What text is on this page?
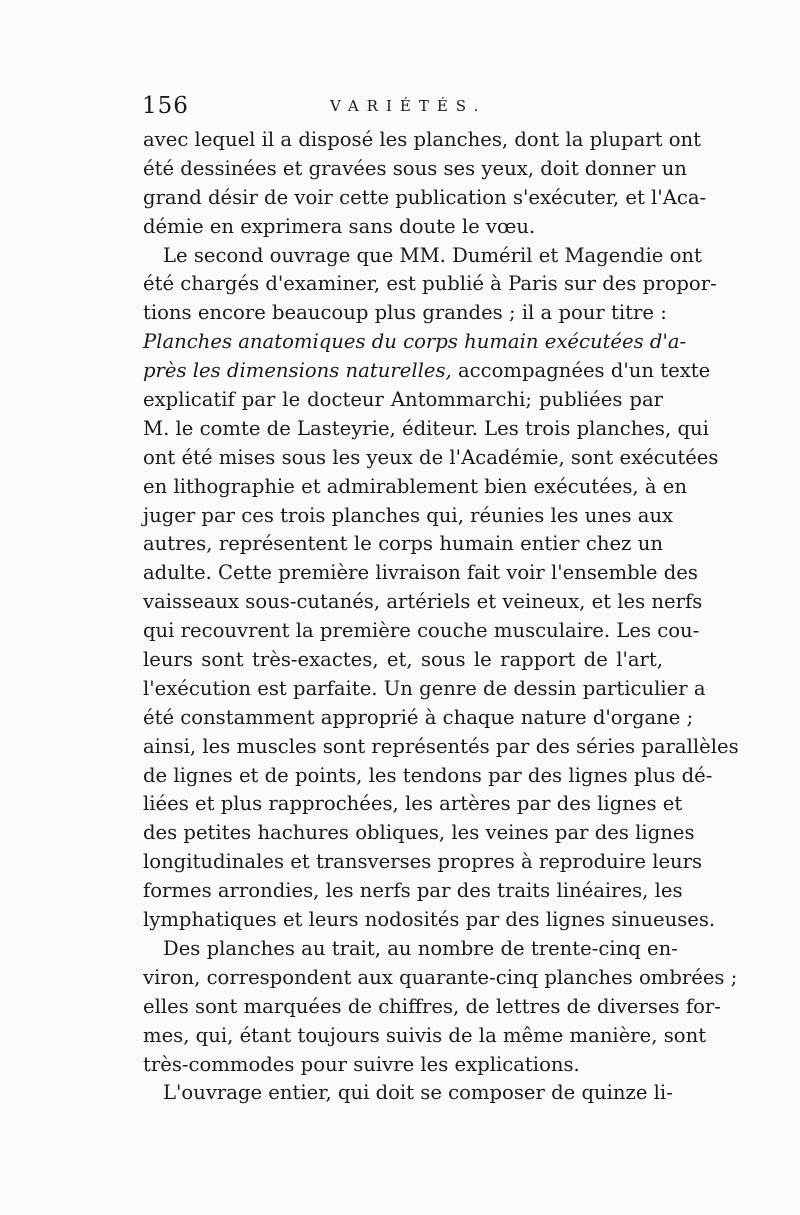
156	VARIÉTÉS.
avec lequel il a disposé les planches, dont la plupart ont
été dessinées et gravées sous ses yeux, doit donner un
grand désir de voir cette publication s'exécuter, et l'Aca-
démie en exprimera sans doute le vœu.
Le second ouvrage que MM. Duméril et Magendie ont
été chargés d'examiner, est publié à Paris sur des propor-
tions encore beaucoup plus grandes ; il a pour titre :
Planches anatomiques du corps humain exécutées d'a-
près les dimensions naturelles, accompagnées d'un texte
explicatif par le docteur Antommarchi; publiées par
M. le comte de Lasteyrie, éditeur. Les trois planches, qui
ont été mises sous les yeux de l'Académie, sont exécutées
en lithographie et admirablement bien exécutées, à en
juger par ces trois planches qui, réunies les unes aux
autres, représentent le corps humain entier chez un
adulte. Cette première livraison fait voir l'ensemble des
vaisseaux sous-cutanés, artériels et veineux, et les nerfs
qui recouvrent la première couche musculaire. Les cou-
leurs sont très-exactes, et, sous le rapport de l'art,
l'exécution est parfaite. Un genre de dessin particulier a
été constamment approprié à chaque nature d'organe ;
ainsi, les muscles sont représentés par des séries parallèles
de lignes et de points, les tendons par des lignes plus dé-
liées et plus rapprochées, les artères par des lignes et
des petites hachures obliques, les veines par des lignes
longitudinales et transverses propres à reproduire leurs
formes arrondies, les nerfs par des traits linéaires, les
lymphatiques et leurs nodosités par des lignes sinueuses.
Des planches au trait, au nombre de trente-cinq en-
viron, correspondent aux quarante-cinq planches ombrées ;
elles sont marquées de chiffres, de lettres de diverses for-
mes, qui, étant toujours suivis de la même manière, sont
très-commodes pour suivre les explications.
L'ouvrage entier, qui doit se composer de quinze li-
